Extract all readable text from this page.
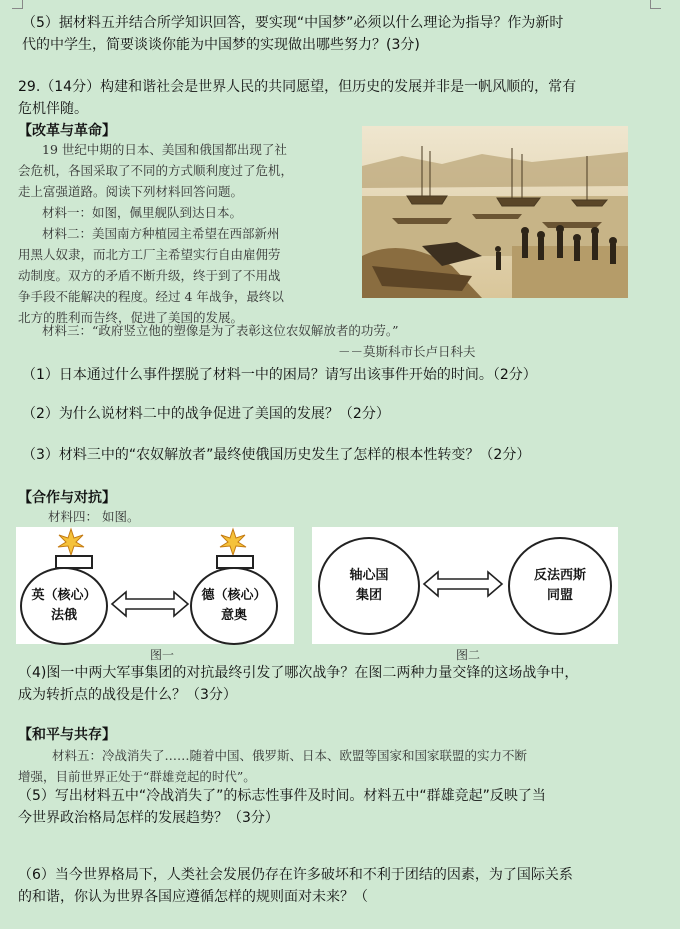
（5）据材料五并结合所学知识回答，要实现“中国梦”必须以什么理论为指导？作为新时
代的中学生，简要谈谈你能为中国梦的实现做出哪些努力？(3分)
29.（14分）构建和谐社会是世界人民的共同愿望，但历史的发展并非是一帆风顺的，常有
危机伴随。
【改革与革命】
19 世纪中期的日本、美国和俄国都出现了社
会危机，各国采取了不同的方式顺利度过了危机，
走上富强道路。阅读下列材料回答问题。
材料一：如图，佩里舰队到达日本。
材料二：美国南方种植园主希望在西部新州
用黑人奴隶，而北方工厂主希望实行自由雇佣劳
动制度。双方的矛盾不断升级，终于到了不用战
争手段不能解决的程度。经过 4 年战争，最终以
北方的胜利而告终，促进了美国的发展。
材料三：“政府竖立他的塑像是为了表彰这位农奴解放者的功劳。”
－－莫斯科市长卢日科夫
（1）日本通过什么事件摆脱了材料一中的困局？请写出该事件开始的时间。（2分）
（2）为什么说材料二中的战争促进了美国的发展？（2分）
（3）材料三中的“农奴解放者”最终使俄国历史发生了怎样的根本性转变？（2分）
【合作与对抗】
材料四： 如图。
英（核心）
法俄
德（核心）
意奥
图一
轴心国
集团
反法西斯
同盟
图二
（4)图一中两大军事集团的对抗最终引发了哪次战争？在图二两种力量交锋的这场战争中，
成为转折点的战役是什么？（3分）
【和平与共存】
材料五：冷战消失了……随着中国、俄罗斯、日本、欧盟等国家和国家联盟的实力不断
增强，目前世界正处于“群雄竞起的时代”。
（5）写出材料五中“冷战消失了”的标志性事件及时间。材料五中“群雄竞起”反映了当
今世界政治格局怎样的发展趋势？（3分）
（6）当今世界格局下，人类社会发展仍存在许多破坏和不利于团结的因素，为了国际关系
的和谐，你认为世界各国应遵循怎样的规则面对未来？（
